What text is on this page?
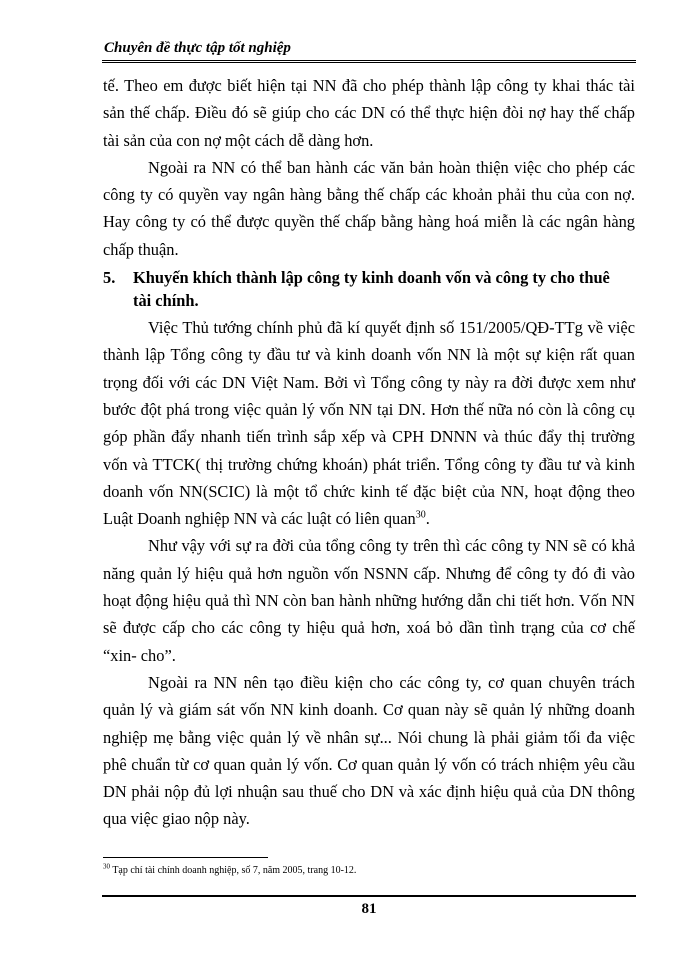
Chuyên đề thực tập tốt nghiệp

tế. Theo em được biết hiện tại NN đã cho phép thành lập công ty khai thác tài sản thế chấp. Điều đó sẽ giúp cho các DN có thể thực hiện đòi nợ hay thế chấp tài sản của con nợ một cách dễ dàng hơn.

Ngoài ra NN có thể ban hành các văn bản hoàn thiện việc cho phép các công ty có quyền vay ngân hàng bằng thế chấp các khoản phải thu của con nợ. Hay công ty có thể được quyền thế chấp bằng hàng hoá miễn là các ngân hàng chấp thuận.

5.	Khuyến khích thành lập công ty kinh doanh vốn và công ty cho thuê tài chính.

Việc Thủ tướng chính phủ đã kí quyết định số 151/2005/QĐ-TTg về việc thành lập Tổng công ty đầu tư và kinh doanh vốn NN là một sự kiện rất quan trọng đối với các DN Việt Nam. Bởi vì Tổng công ty này ra đời được xem như bước đột phá trong việc quản lý vốn NN tại DN. Hơn thế nữa nó còn là công cụ góp phần đẩy nhanh tiến trình sắp xếp và CPH DNNN và thúc đẩy thị trường vốn và TTCK( thị trường chứng khoán) phát triển. Tổng công ty đầu tư và kinh doanh vốn NN(SCIC) là một tổ chức kinh tế đặc biệt của NN, hoạt động theo Luật Doanh nghiệp NN và các luật có liên quan$^{30}$.

Như vậy với sự ra đời của tổng công ty trên thì các công ty NN sẽ có khả năng quản lý hiệu quả hơn nguồn vốn NSNN cấp. Nhưng để công ty đó đi vào hoạt động hiệu quả thì NN còn ban hành những hướng dẫn chi tiết hơn. Vốn NN sẽ được cấp cho các công ty hiệu quả hơn, xoá bỏ dần tình trạng của cơ chế “xin- cho”.

Ngoài ra NN nên tạo điều kiện cho các công ty, cơ quan chuyên trách quản lý và giám sát vốn NN kinh doanh. Cơ quan này sẽ quản lý những doanh nghiệp mẹ bằng việc quản lý về nhân sự... Nói chung là phải giảm tối đa việc phê chuẩn từ cơ quan quản lý vốn. Cơ quan quản lý vốn có trách nhiệm yêu cầu DN phải nộp đủ lợi nhuận sau thuế cho DN và xác định hiệu quả của DN thông qua việc giao nộp này.

$^{30}$ Tạp chí tài chính doanh nghiệp, số 7, năm 2005, trang 10-12.
81
